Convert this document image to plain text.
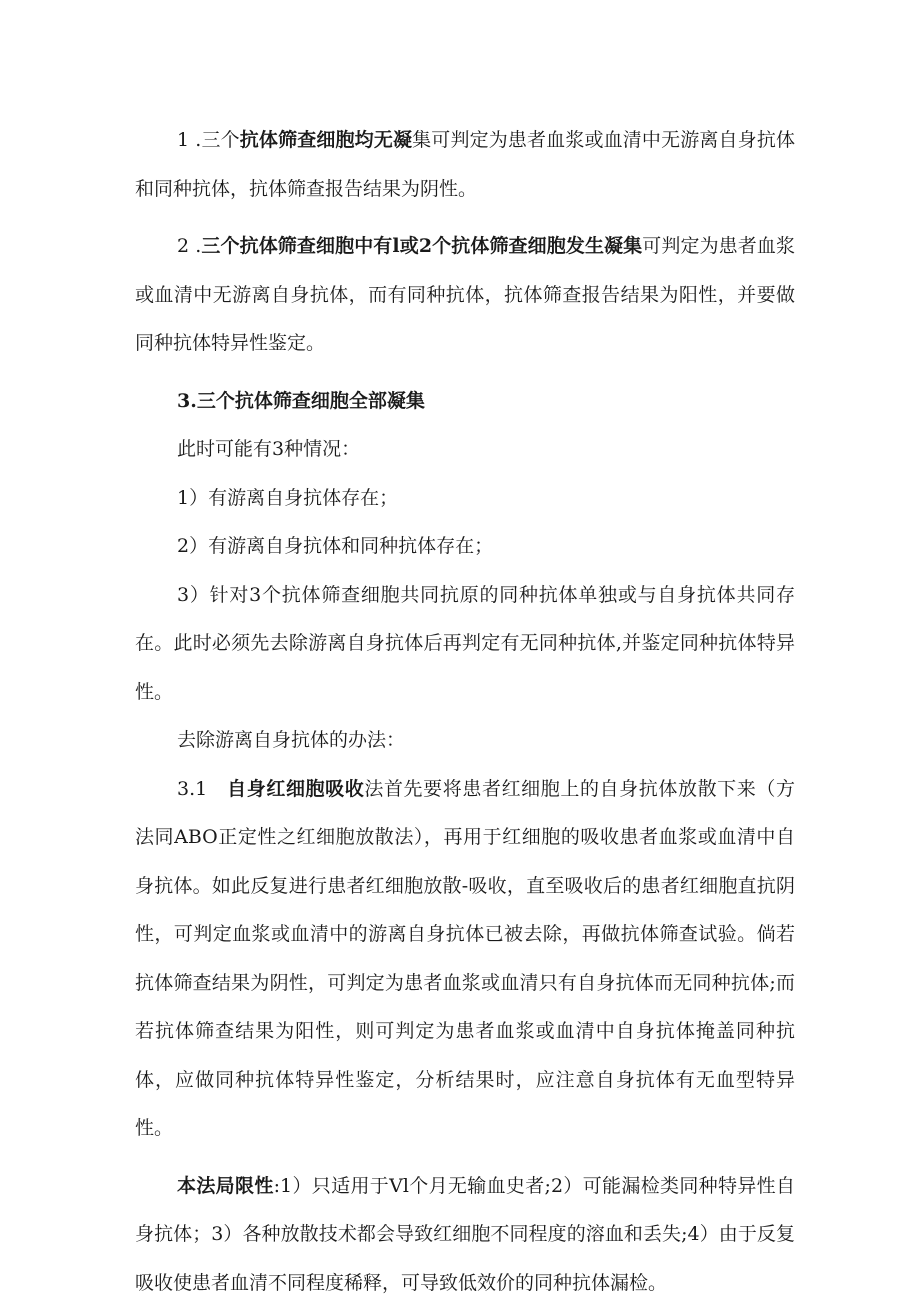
1 .三个抗体筛查细胞均无凝集可判定为患者血浆或血清中无游离自身抗体和同种抗体，抗体筛查报告结果为阴性。

2 .三个抗体筛查细胞中有l或2个抗体筛查细胞发生凝集可判定为患者血浆或血清中无游离自身抗体，而有同种抗体，抗体筛查报告结果为阳性，并要做同种抗体特异性鉴定。

3.三个抗体筛查细胞全部凝集

此时可能有3种情况：

1）有游离自身抗体存在；

2）有游离自身抗体和同种抗体存在；

3）针对3个抗体筛查细胞共同抗原的同种抗体单独或与自身抗体共同存在。此时必须先去除游离自身抗体后再判定有无同种抗体,并鉴定同种抗体特异性。

去除游离自身抗体的办法：

3.1 自身红细胞吸收法首先要将患者红细胞上的自身抗体放散下来（方法同ABO正定性之红细胞放散法），再用于红细胞的吸收患者血浆或血清中自身抗体。如此反复进行患者红细胞放散-吸收，直至吸收后的患者红细胞直抗阴性，可判定血浆或血清中的游离自身抗体已被去除，再做抗体筛查试验。倘若抗体筛查结果为阴性，可判定为患者血浆或血清只有自身抗体而无同种抗体;而若抗体筛查结果为阳性，则可判定为患者血浆或血清中自身抗体掩盖同种抗体，应做同种抗体特异性鉴定，分析结果时，应注意自身抗体有无血型特异性。

本法局限性:1）只适用于Vl个月无输血史者;2）可能漏检类同种特异性自身抗体；3）各种放散技术都会导致红细胞不同程度的溶血和丢失;4）由于反复吸收使患者血清不同程度稀释，可导致低效价的同种抗体漏检。
